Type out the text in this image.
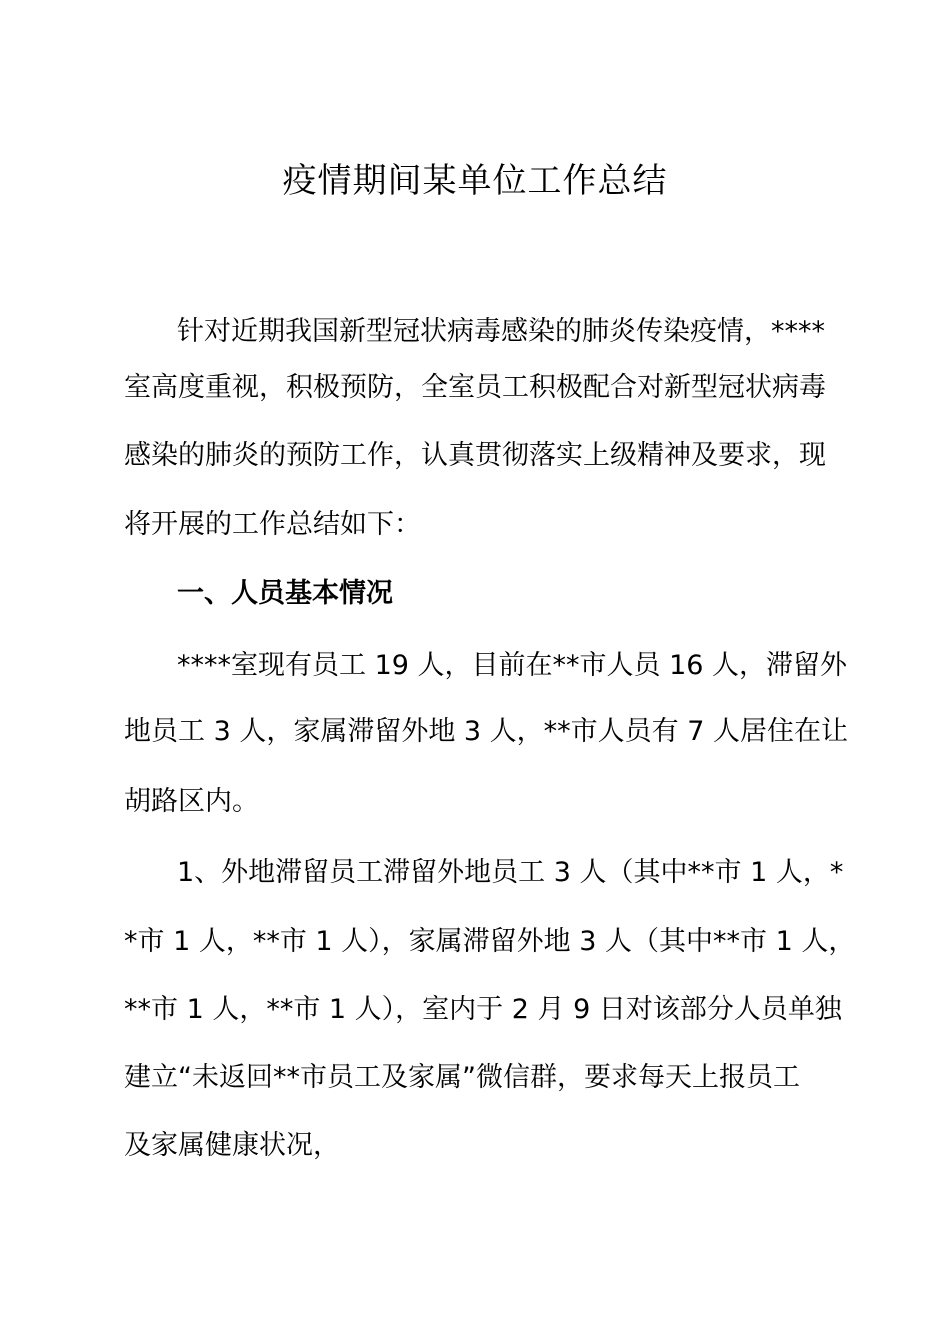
疫情期间某单位工作总结
针对近期我国新型冠状病毒感染的肺炎传染疫情，****
室高度重视，积极预防，全室员工积极配合对新型冠状病毒
感染的肺炎的预防工作，认真贯彻落实上级精神及要求，现
将开展的工作总结如下：
一、人员基本情况
****室现有员工 19 人，目前在**市人员 16 人，滞留外
地员工 3 人，家属滞留外地 3 人，**市人员有 7 人居住在让
胡路区内。
1、外地滞留员工滞留外地员工 3 人（其中**市 1 人，*
*市 1 人，**市 1 人），家属滞留外地 3 人（其中**市 1 人，
**市 1 人，**市 1 人），室内于 2 月 9 日对该部分人员单独
建立“未返回**市员工及家属”微信群，要求每天上报员工
及家属健康状况，
